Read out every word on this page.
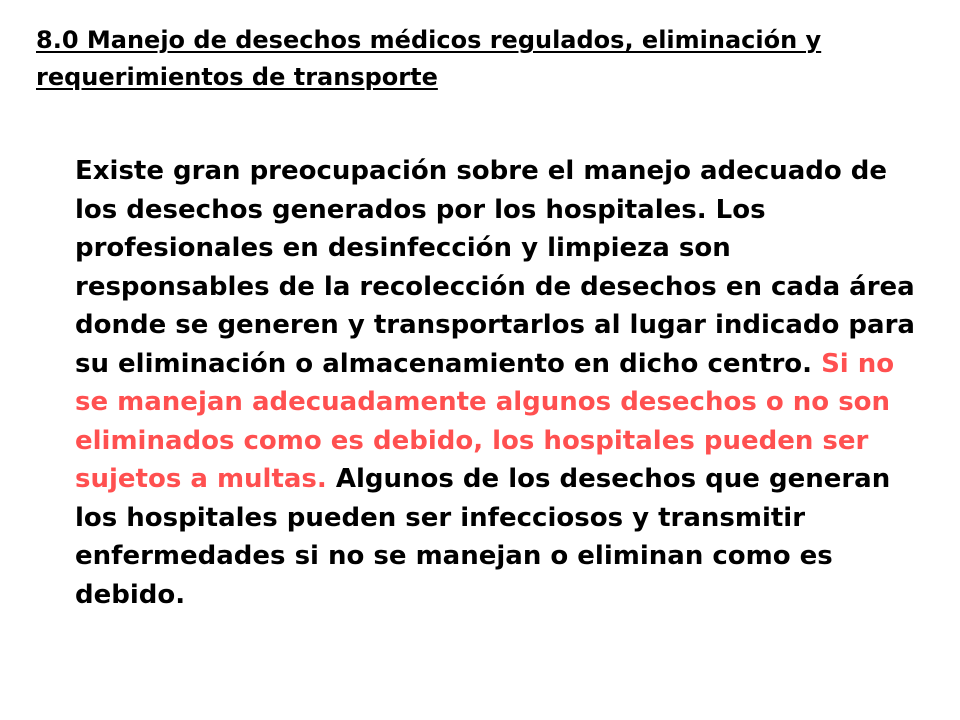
8.0 Manejo de desechos médicos regulados, eliminación y requerimientos de transporte

Existe gran preocupación sobre el manejo adecuado de los desechos generados por los hospitales. Los profesionales en desinfección y limpieza son responsables de la recolección de desechos en cada área donde se generen y transportarlos al lugar indicado para su eliminación o almacenamiento en dicho centro. Si no se manejan adecuadamente algunos desechos o no son eliminados como es debido, los hospitales pueden ser sujetos a multas. Algunos de los desechos que generan los hospitales pueden ser infecciosos y transmitir enfermedades si no se manejan o eliminan como es debido.
